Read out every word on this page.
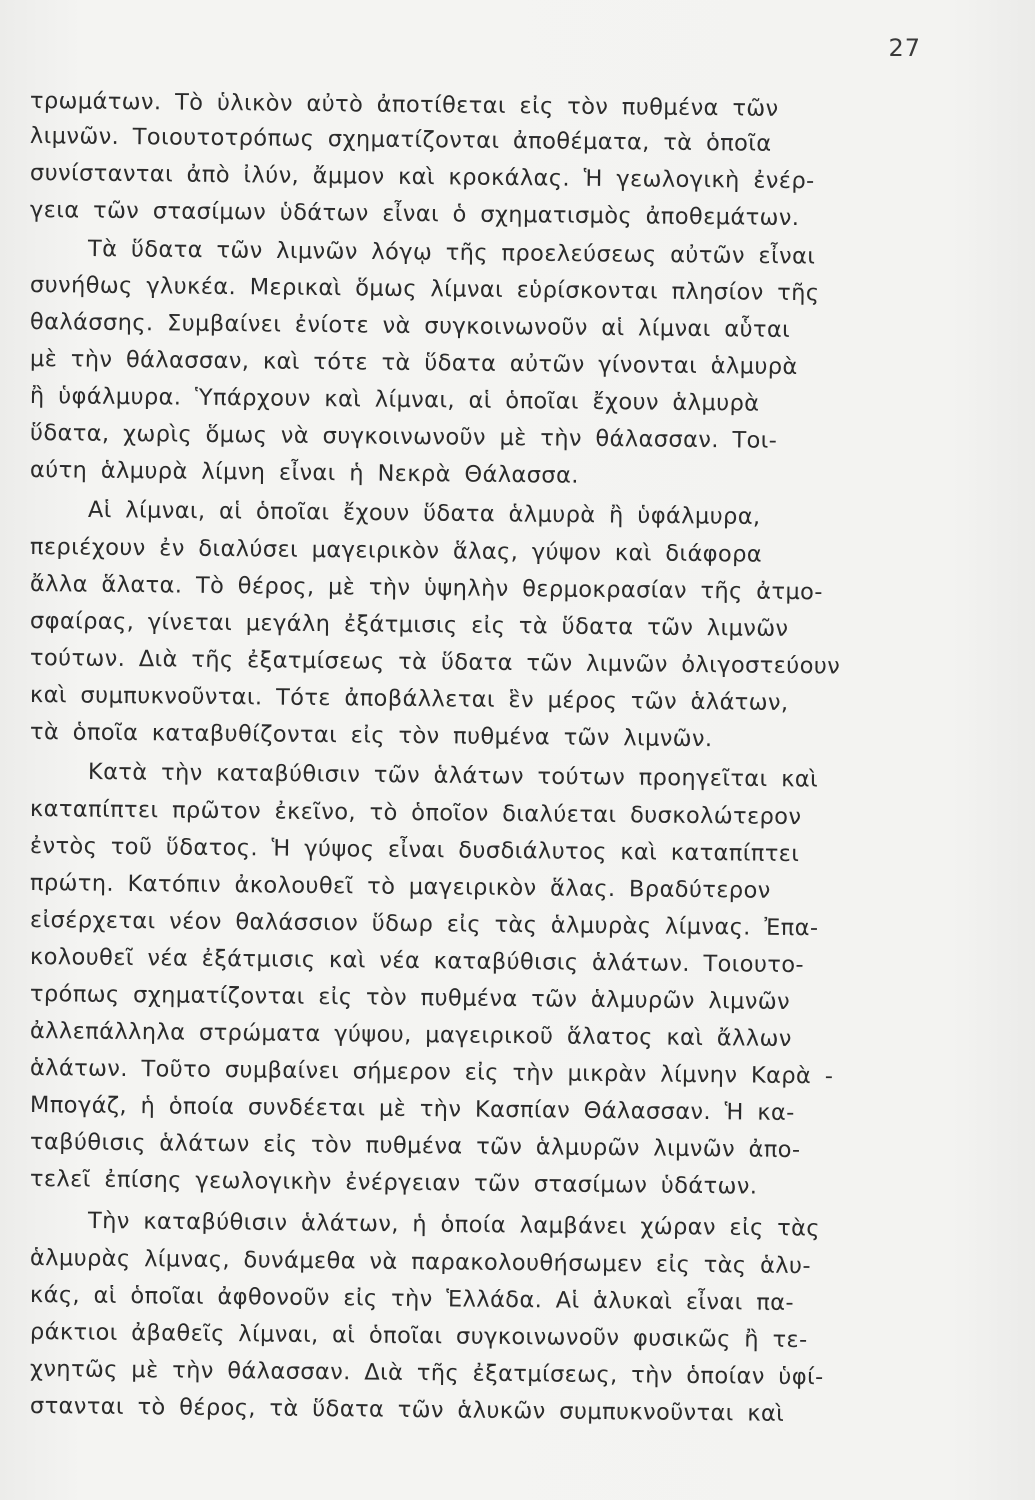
27
τρωμάτων. Τὸ ὑλικὸν αὐτὸ ἀποτίθεται εἰς τὸν πυθμένα τῶν
λιμνῶν. Τοιουτοτρόπως σχηματίζονται ἀποθέματα, τὰ ὁποῖα
συνίστανται ἀπὸ ἰλύν, ἄμμον καὶ κροκάλας. Ἡ γεωλογικὴ ἐνέρ-
γεια τῶν στασίμων ὑδάτων εἶναι ὁ σχηματισμὸς ἀποθεμάτων.
Τὰ ὕδατα τῶν λιμνῶν λόγῳ τῆς προελεύσεως αὐτῶν εἶναι
συνήθως γλυκέα. Μερικαὶ ὅμως λίμναι εὑρίσκονται πλησίον τῆς
θαλάσσης. Συμβαίνει ἐνίοτε νὰ συγκοινωνοῦν αἱ λίμναι αὗται
μὲ τὴν θάλασσαν, καὶ τότε τὰ ὕδατα αὐτῶν γίνονται ἁλμυρὰ
ἢ ὑφάλμυρα. Ὑπάρχουν καὶ λίμναι, αἱ ὁποῖαι ἔχουν ἁλμυρὰ
ὕδατα, χωρὶς ὅμως νὰ συγκοινωνοῦν μὲ τὴν θάλασσαν. Τοι-
αύτη ἁλμυρὰ λίμνη εἶναι ἡ Νεκρὰ Θάλασσα.
Αἱ λίμναι, αἱ ὁποῖαι ἔχουν ὕδατα ἁλμυρὰ ἢ ὑφάλμυρα,
περιέχουν ἐν διαλύσει μαγειρικὸν ἅλας, γύψον καὶ διάφορα
ἄλλα ἅλατα. Τὸ θέρος, μὲ τὴν ὑψηλὴν θερμοκρασίαν τῆς ἀτμο-
σφαίρας, γίνεται μεγάλη ἐξάτμισις εἰς τὰ ὕδατα τῶν λιμνῶν
τούτων. Διὰ τῆς ἐξατμίσεως τὰ ὕδατα τῶν λιμνῶν ὀλιγοστεύουν
καὶ συμπυκνοῦνται. Τότε ἀποβάλλεται ἓν μέρος τῶν ἁλάτων,
τὰ ὁποῖα καταβυθίζονται εἰς τὸν πυθμένα τῶν λιμνῶν.
Κατὰ τὴν καταβύθισιν τῶν ἁλάτων τούτων προηγεῖται καὶ
καταπίπτει πρῶτον ἐκεῖνο, τὸ ὁποῖον διαλύεται δυσκολώτερον
ἐντὸς τοῦ ὕδατος. Ἡ γύψος εἶναι δυσδιάλυτος καὶ καταπίπτει
πρώτη. Κατόπιν ἀκολουθεῖ τὸ μαγειρικὸν ἅλας. Βραδύτερον
εἰσέρχεται νέον θαλάσσιον ὕδωρ εἰς τὰς ἁλμυρὰς λίμνας. Ἐπα-
κολουθεῖ νέα ἐξάτμισις καὶ νέα καταβύθισις ἁλάτων. Τοιουτο-
τρόπως σχηματίζονται εἰς τὸν πυθμένα τῶν ἁλμυρῶν λιμνῶν
ἀλλεπάλληλα στρώματα γύψου, μαγειρικοῦ ἅλατος καὶ ἄλλων
ἁλάτων. Τοῦτο συμβαίνει σήμερον εἰς τὴν μικρὰν λίμνην Καρὰ -
Μπογάζ, ἡ ὁποία συνδέεται μὲ τὴν Κασπίαν Θάλασσαν. Ἡ κα-
ταβύθισις ἁλάτων εἰς τὸν πυθμένα τῶν ἁλμυρῶν λιμνῶν ἀπο-
τελεῖ ἐπίσης γεωλογικὴν ἐνέργειαν τῶν στασίμων ὑδάτων.
Τὴν καταβύθισιν ἁλάτων, ἡ ὁποία λαμβάνει χώραν εἰς τὰς
ἁλμυρὰς λίμνας, δυνάμεθα νὰ παρακολουθήσωμεν εἰς τὰς ἁλυ-
κάς, αἱ ὁποῖαι ἀφθονοῦν εἰς τὴν Ἑλλάδα. Αἱ ἁλυκαὶ εἶναι πα-
ράκτιοι ἀβαθεῖς λίμναι, αἱ ὁποῖαι συγκοινωνοῦν φυσικῶς ἢ τε-
χνητῶς μὲ τὴν θάλασσαν. Διὰ τῆς ἐξατμίσεως, τὴν ὁποίαν ὑφί-
στανται τὸ θέρος, τὰ ὕδατα τῶν ἁλυκῶν συμπυκνοῦνται καὶ
